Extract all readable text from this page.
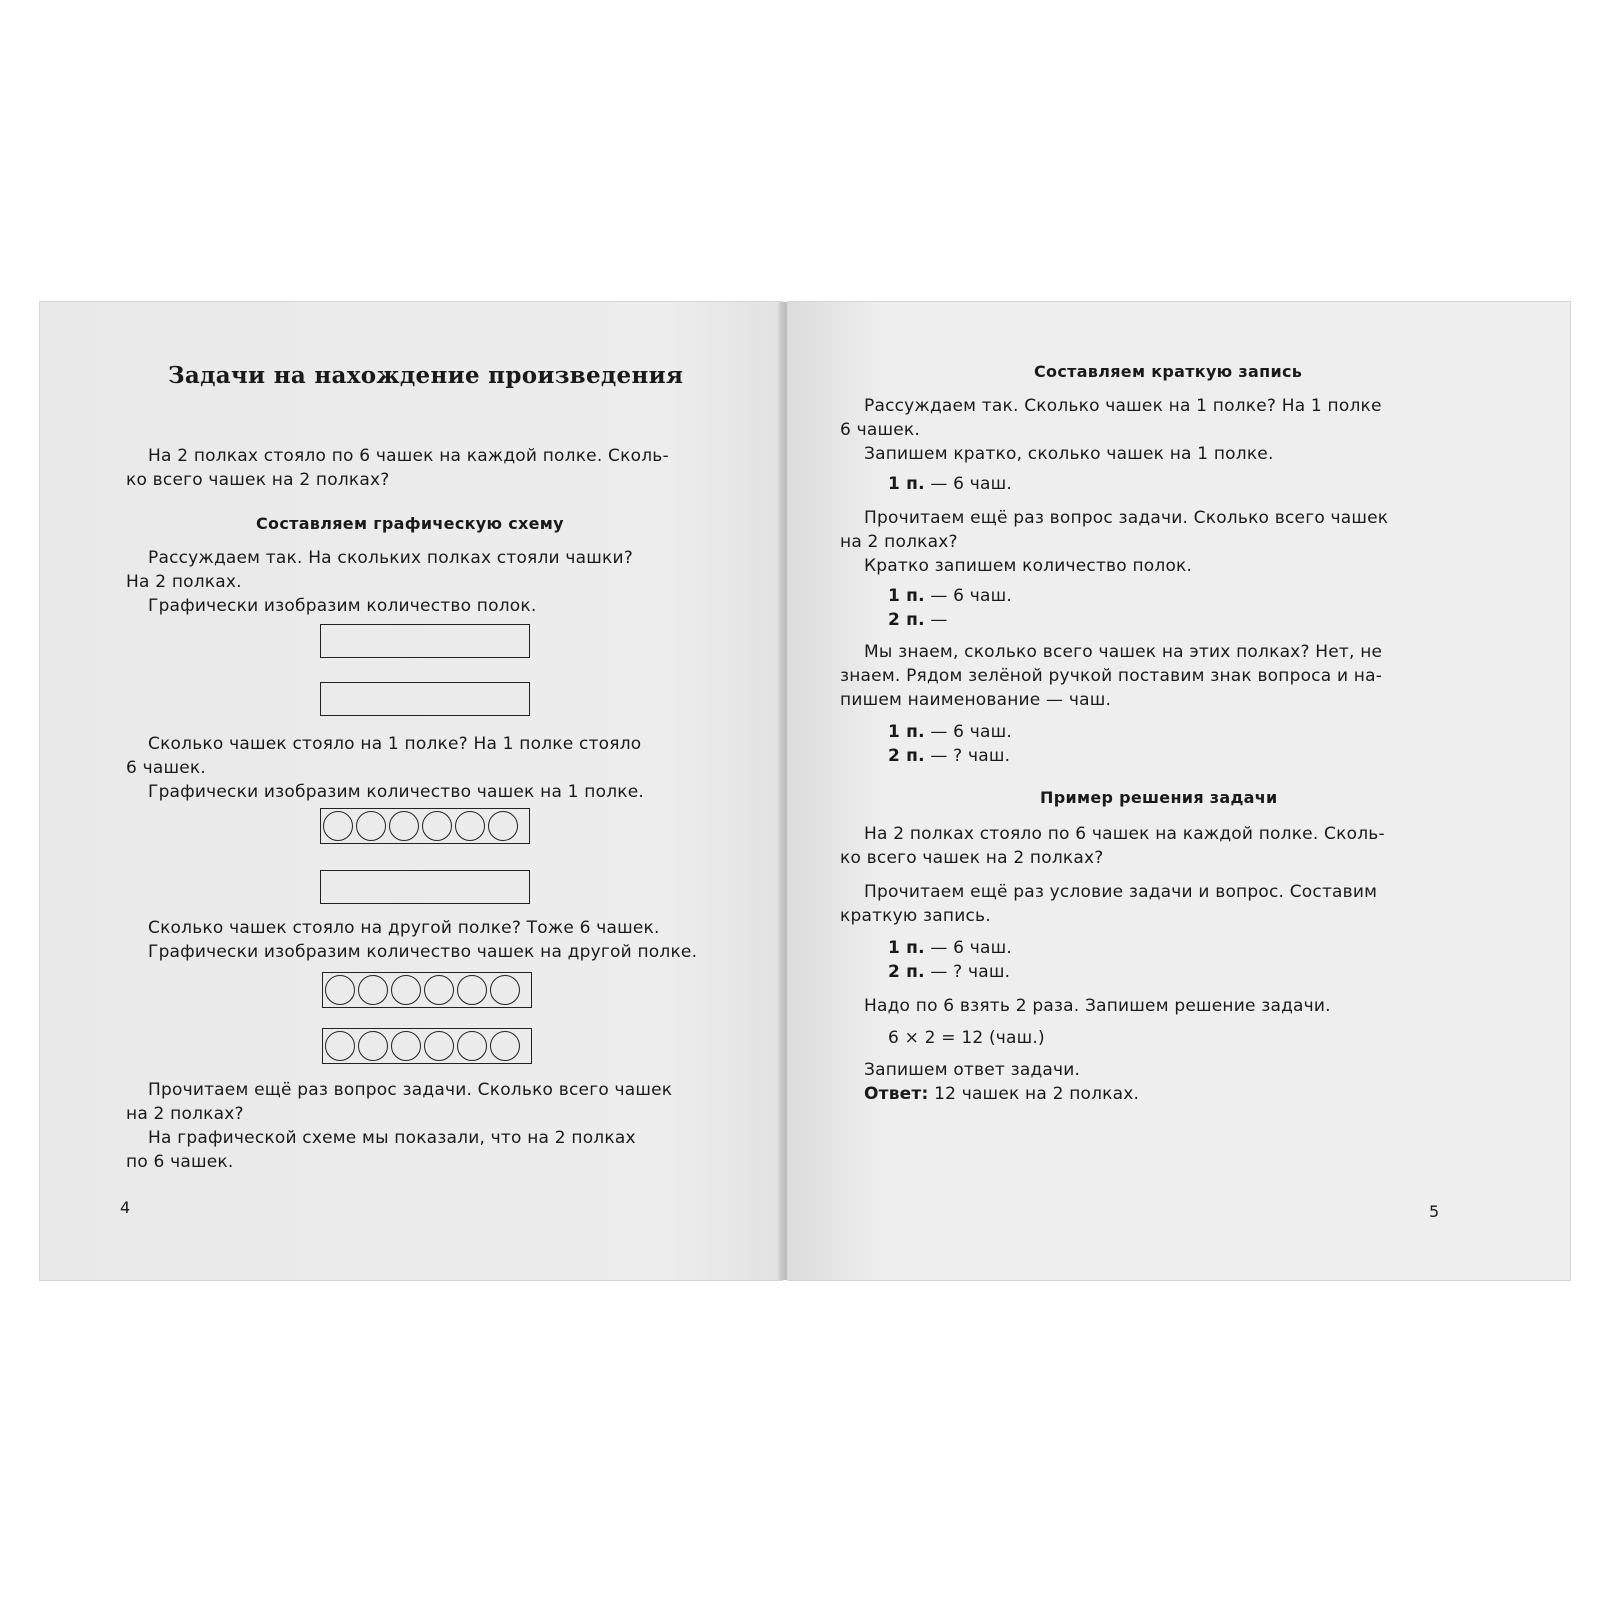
Задачи на нахождение произведения
На 2 полках стояло по 6 чашек на каждой полке. Сколь-
ко всего чашек на 2 полках?
Составляем графическую схему
Рассуждаем так. На скольких полках стояли чашки?
На 2 полках.
Графически изобразим количество полок.
Сколько чашек стояло на 1 полке? На 1 полке стояло
6 чашек.
Графически изобразим количество чашек на 1 полке.
Сколько чашек стояло на другой полке? Тоже 6 чашек.
Графически изобразим количество чашек на другой полке.
Прочитаем ещё раз вопрос задачи. Сколько всего чашек
на 2 полках?
На графической схеме мы показали, что на 2 полках
по 6 чашек.
4
Составляем краткую запись
Рассуждаем так. Сколько чашек на 1 полке? На 1 полке
6 чашек.
Запишем кратко, сколько чашек на 1 полке.
1 п. — 6 чаш.
Прочитаем ещё раз вопрос задачи. Сколько всего чашек
на 2 полках?
Кратко запишем количество полок.
1 п. — 6 чаш.
2 п. —
Мы знаем, сколько всего чашек на этих полках? Нет, не
знаем. Рядом зелёной ручкой поставим знак вопроса и на-
пишем наименование — чаш.
1 п. — 6 чаш.
2 п. — ? чаш.
Пример решения задачи
На 2 полках стояло по 6 чашек на каждой полке. Сколь-
ко всего чашек на 2 полках?
Прочитаем ещё раз условие задачи и вопрос. Составим
краткую запись.
1 п. — 6 чаш.
2 п. — ? чаш.
Надо по 6 взять 2 раза. Запишем решение задачи.
6 × 2 = 12 (чаш.)
Запишем ответ задачи.
Ответ: 12 чашек на 2 полках.
5
